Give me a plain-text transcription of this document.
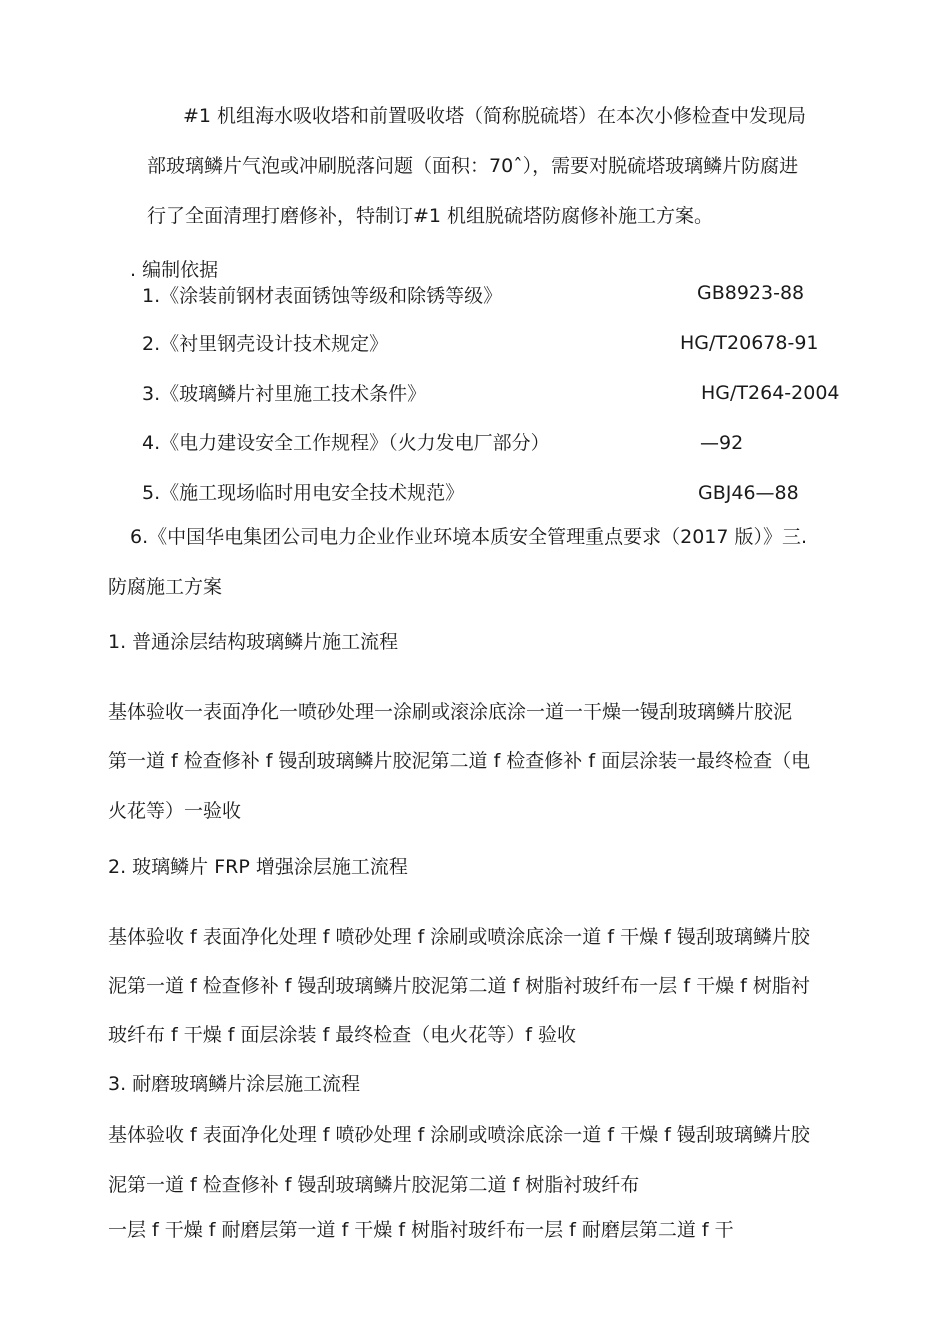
#1 机组海水吸收塔和前置吸收塔（简称脱硫塔）在本次小修检查中发现局
部玻璃鳞片气泡或冲刷脱落问题（面积：70ˆ），需要对脱硫塔玻璃鳞片防腐进
行了全面清理打磨修补，特制订#1 机组脱硫塔防腐修补施工方案。
. 编制依据
1.《涂装前钢材表面锈蚀等级和除锈等级》	GB8923-88
2.《衬里钢壳设计技术规定》	HG/T20678-91
3.《玻璃鳞片衬里施工技术条件》	HG/T264-2004
4.《电力建设安全工作规程》（火力发电厂部分）	—92
5.《施工现场临时用电安全技术规范》	GBJ46—88
6.《中国华电集团公司电力企业作业环境本质安全管理重点要求（2017 版）》三.
防腐施工方案
1. 普通涂层结构玻璃鳞片施工流程
基体验收一表面净化一喷砂处理一涂刷或滚涂底涂一道一干燥一镘刮玻璃鳞片胶泥
第一道 f 检查修补 f 镘刮玻璃鳞片胶泥第二道 f 检查修补 f 面层涂装一最终检查（电
火花等）一验收
2. 玻璃鳞片 FRP 增强涂层施工流程
基体验收 f 表面净化处理 f 喷砂处理 f 涂刷或喷涂底涂一道 f 干燥 f 镘刮玻璃鳞片胶
泥第一道 f 检查修补 f 镘刮玻璃鳞片胶泥第二道 f 树脂衬玻纤布一层 f 干燥 f 树脂衬
玻纤布 f 干燥 f 面层涂装 f 最终检查（电火花等）f 验收
3. 耐磨玻璃鳞片涂层施工流程
基体验收 f 表面净化处理 f 喷砂处理 f 涂刷或喷涂底涂一道 f 干燥 f 镘刮玻璃鳞片胶
泥第一道 f 检查修补 f 镘刮玻璃鳞片胶泥第二道 f 树脂衬玻纤布
一层 f 干燥 f 耐磨层第一道 f 干燥 f 树脂衬玻纤布一层 f 耐磨层第二道 f 干
